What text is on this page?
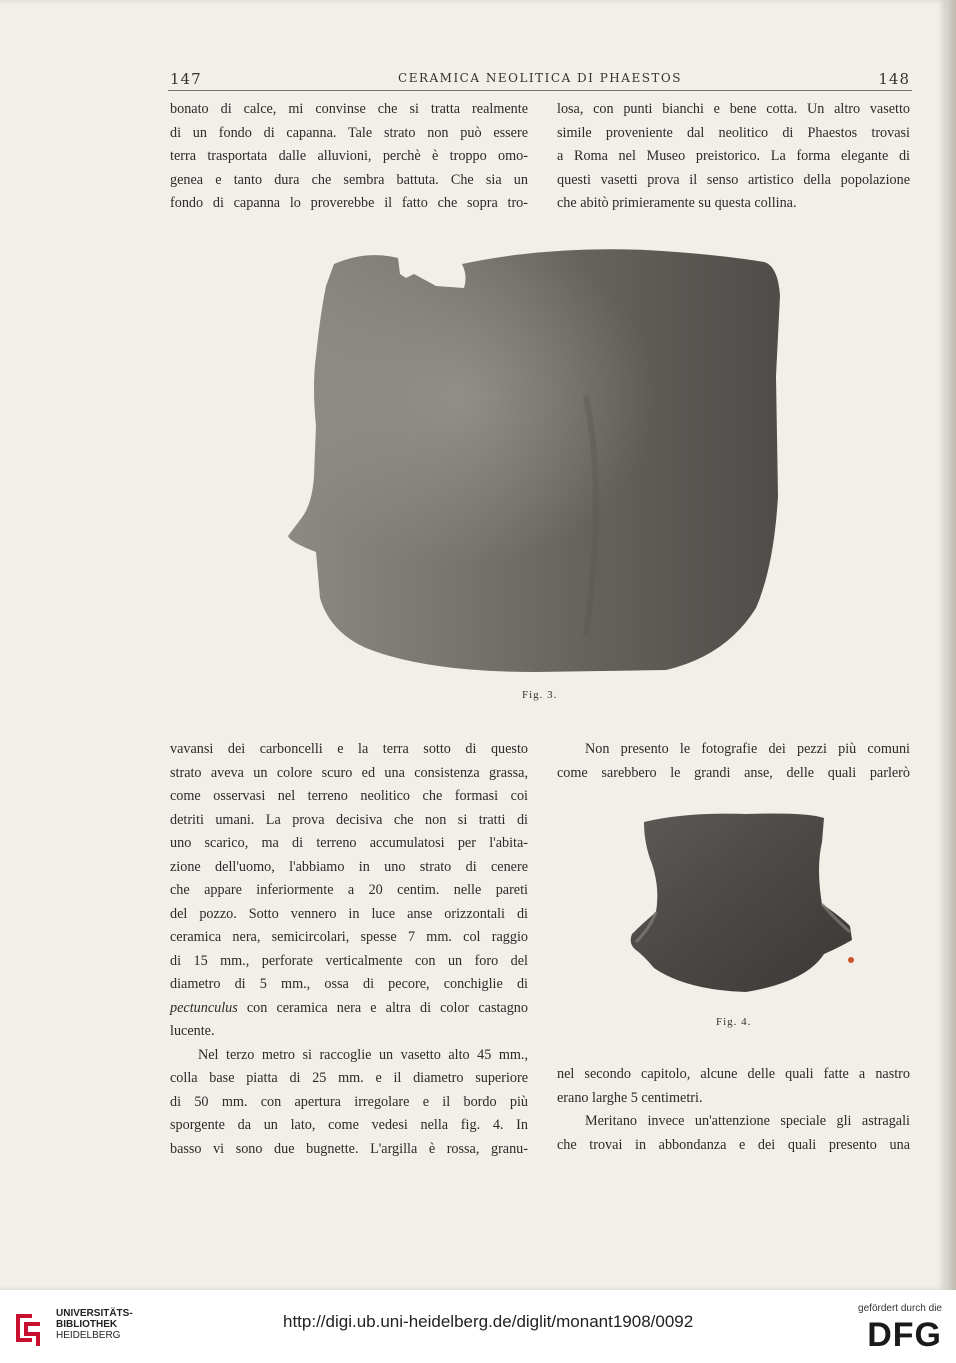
147	CERAMICA NEOLITICA DI PHAESTOS	148
bonato di calce, mi convinse che si tratta realmente
di un fondo di capanna. Tale strato non può essere
terra trasportata dalle alluvioni, perchè è troppo omo-
genea e tanto dura che sembra battuta. Che sia un
fondo di capanna lo proverebbe il fatto che sopra tro-
losa, con punti bianchi e bene cotta. Un altro vasetto
simile proveniente dal neolitico di Phaestos trovasi
a Roma nel Museo preistorico. La forma elegante di
questi vasetti prova il senso artistico della popolazione
che abitò primieramente su questa collina.
Fig. 3.
vavansi dei carboncelli e la terra sotto di questo
strato aveva un colore scuro ed una consistenza grassa,
come osservasi nel terreno neolitico che formasi coi
detriti umani. La prova decisiva che non si tratti di
uno scarico, ma di terreno accumulatosi per l'abita-
zione dell'uomo, l'abbiamo in uno strato di cenere
che appare inferiormente a 20 centim. nelle pareti
del pozzo. Sotto vennero in luce anse orizzontali di
ceramica nera, semicircolari, spesse 7 mm. col raggio
di 15 mm., perforate verticalmente con un foro del
diametro di 5 mm., ossa di pecore, conchiglie di
pectunculus con ceramica nera e altra di color castagno
lucente.
Nel terzo metro si raccoglie un vasetto alto 45 mm.,
colla base piatta di 25 mm. e il diametro superiore
di 50 mm. con apertura irregolare e il bordo più
sporgente da un lato, come vedesi nella fig. 4. In
basso vi sono due bugnette. L'argilla è rossa, granu-
Non presento le fotografie dei pezzi più comuni
come sarebbero le grandi anse, delle quali parlerò
Fig. 4.
nel secondo capitolo, alcune delle quali fatte a nastro
erano larghe 5 centimetri.
Meritano invece un'attenzione speciale gli astragali
che trovai in abbondanza e dei quali presento una
UNIVERSITÄTS-
BIBLIOTHEK
HEIDELBERG
http://digi.ub.uni-heidelberg.de/diglit/monant1908/0092
gefördert durch die
DFG
